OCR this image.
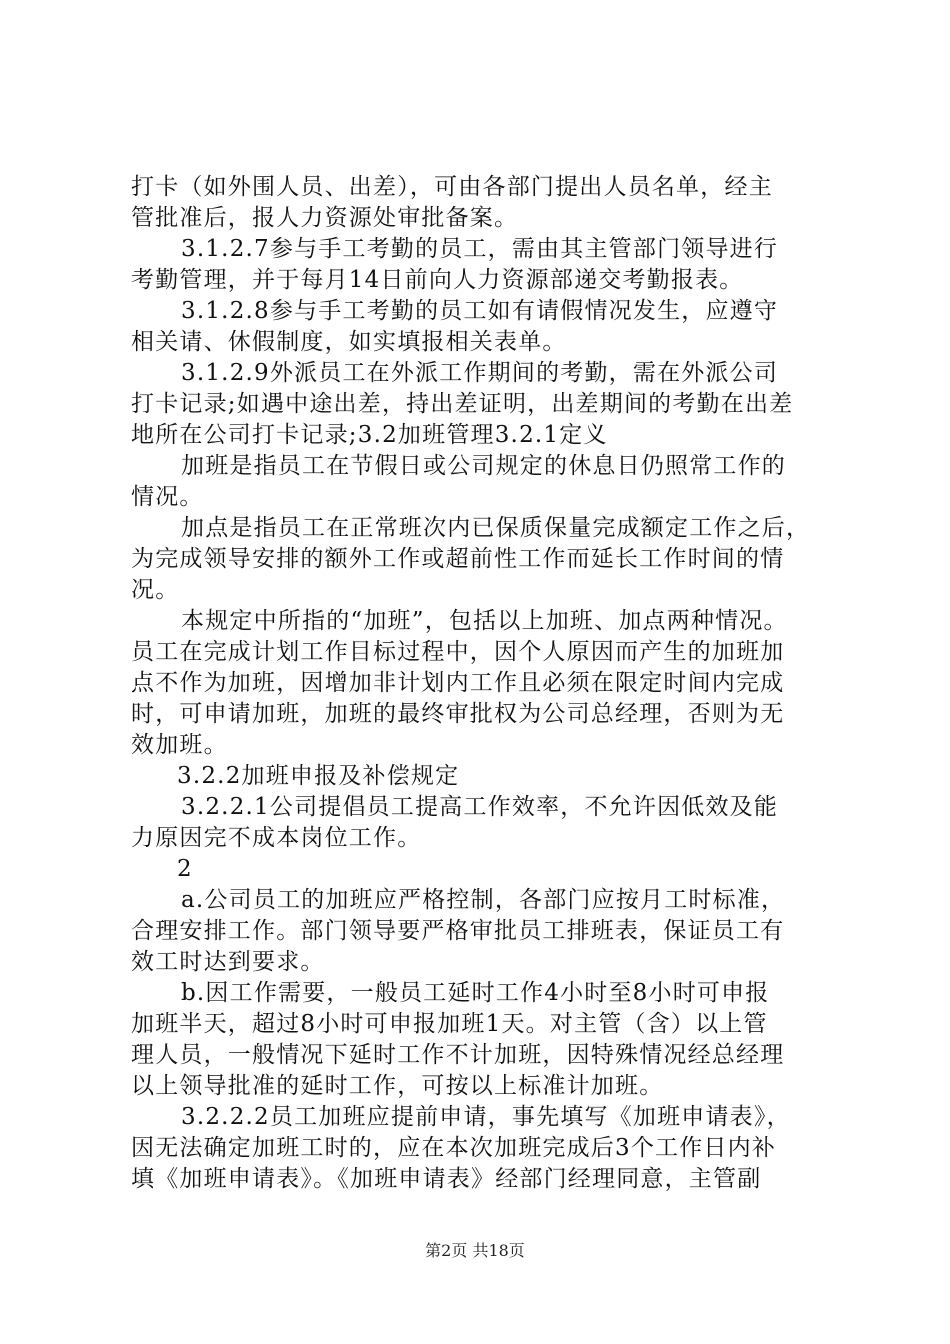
打卡（如外围人员、出差），可由各部门提出人员名单，经主
管批准后，报人力资源处审批备案。
3.1.2.7参与手工考勤的员工，需由其主管部门领导进行
考勤管理，并于每月14日前向人力资源部递交考勤报表。
3.1.2.8参与手工考勤的员工如有请假情况发生，应遵守
相关请、休假制度，如实填报相关表单。
3.1.2.9外派员工在外派工作期间的考勤，需在外派公司
打卡记录;如遇中途出差，持出差证明，出差期间的考勤在出差
地所在公司打卡记录;3.2加班管理3.2.1定义
加班是指员工在节假日或公司规定的休息日仍照常工作的
情况。
加点是指员工在正常班次内已保质保量完成额定工作之后，
为完成领导安排的额外工作或超前性工作而延长工作时间的情
况。
本规定中所指的“加班”，包括以上加班、加点两种情况。
员工在完成计划工作目标过程中，因个人原因而产生的加班加
点不作为加班，因增加非计划内工作且必须在限定时间内完成
时，可申请加班，加班的最终审批权为公司总经理，否则为无
效加班。
3.2.2加班申报及补偿规定
3.2.2.1公司提倡员工提高工作效率，不允许因低效及能
力原因完不成本岗位工作。
2
a.公司员工的加班应严格控制，各部门应按月工时标准，
合理安排工作。部门领导要严格审批员工排班表，保证员工有
效工时达到要求。
b.因工作需要，一般员工延时工作4小时至8小时可申报
加班半天，超过8小时可申报加班1天。对主管（含）以上管
理人员，一般情况下延时工作不计加班，因特殊情况经总经理
以上领导批准的延时工作，可按以上标准计加班。
3.2.2.2员工加班应提前申请，事先填写《加班申请表》，
因无法确定加班工时的，应在本次加班完成后3个工作日内补
填《加班申请表》。《加班申请表》经部门经理同意，主管副
第2页 共18页
